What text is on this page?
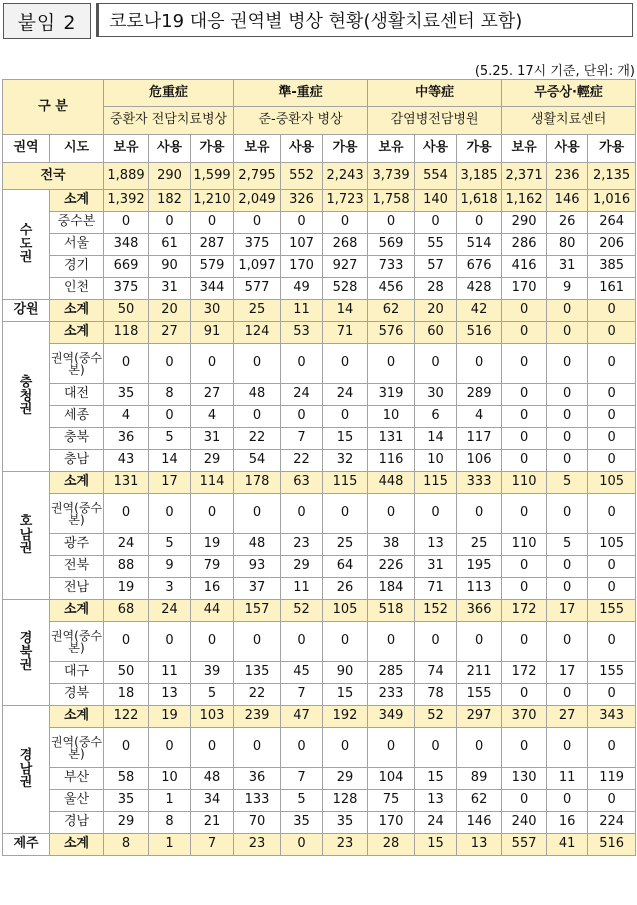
붙임 2	코로나19 대응 권역별 병상 현황(생활치료센터 포함)
(5.25. 17시 기준, 단위: 개)
구 분		危重症			準-重症			中等症			무증상·輕症		
		중환자 전담치료병상			준-중환자 병상			감염병전담병원			생활치료센터		
권역	시도	보유	사용	가용	보유	사용	가용	보유	사용	가용	보유	사용	가용
전국		1,889	290	1,599	2,795	552	2,243	3,739	554	3,185	2,371	236	2,135

수
도
권	소계	1,392	182	1,210	2,049	326	1,723	1,758	140	1,618	1,162	146	1,016
	중수본	0	0	0	0	0	0	0	0	0	290	26	264
	서울	348	61	287	375	107	268	569	55	514	286	80	206
	경기	669	90	579	1,097	170	927	733	57	676	416	31	385
	인천	375	31	344	577	49	528	456	28	428	170	9	161
강원	소계	50	20	30	25	11	14	62	20	42	0	0	0

충
청
권	소계	118	27	91	124	53	71	576	60	516	0	0	0
	권역(중수본)	0	0	0	0	0	0	0	0	0	0	0	0
	대전	35	8	27	48	24	24	319	30	289	0	0	0
	세종	4	0	4	0	0	0	10	6	4	0	0	0
	충북	36	5	31	22	7	15	131	14	117	0	0	0
	충남	43	14	29	54	22	32	116	10	106	0	0	0

호
남
권	소계	131	17	114	178	63	115	448	115	333	110	5	105
	권역(중수본)	0	0	0	0	0	0	0	0	0	0	0	0
	광주	24	5	19	48	23	25	38	13	25	110	5	105
	전북	88	9	79	93	29	64	226	31	195	0	0	0
	전남	19	3	16	37	11	26	184	71	113	0	0	0

경
북
권	소계	68	24	44	157	52	105	518	152	366	172	17	155
	권역(중수본)	0	0	0	0	0	0	0	0	0	0	0	0
	대구	50	11	39	135	45	90	285	74	211	172	17	155
	경북	18	13	5	22	7	15	233	78	155	0	0	0

경
남
권	소계	122	19	103	239	47	192	349	52	297	370	27	343
	권역(중수본)	0	0	0	0	0	0	0	0	0	0	0	0
	부산	58	10	48	36	7	29	104	15	89	130	11	119
	울산	35	1	34	133	5	128	75	13	62	0	0	0
	경남	29	8	21	70	35	35	170	24	146	240	16	224
제주	소계	8	1	7	23	0	23	28	15	13	557	41	516
